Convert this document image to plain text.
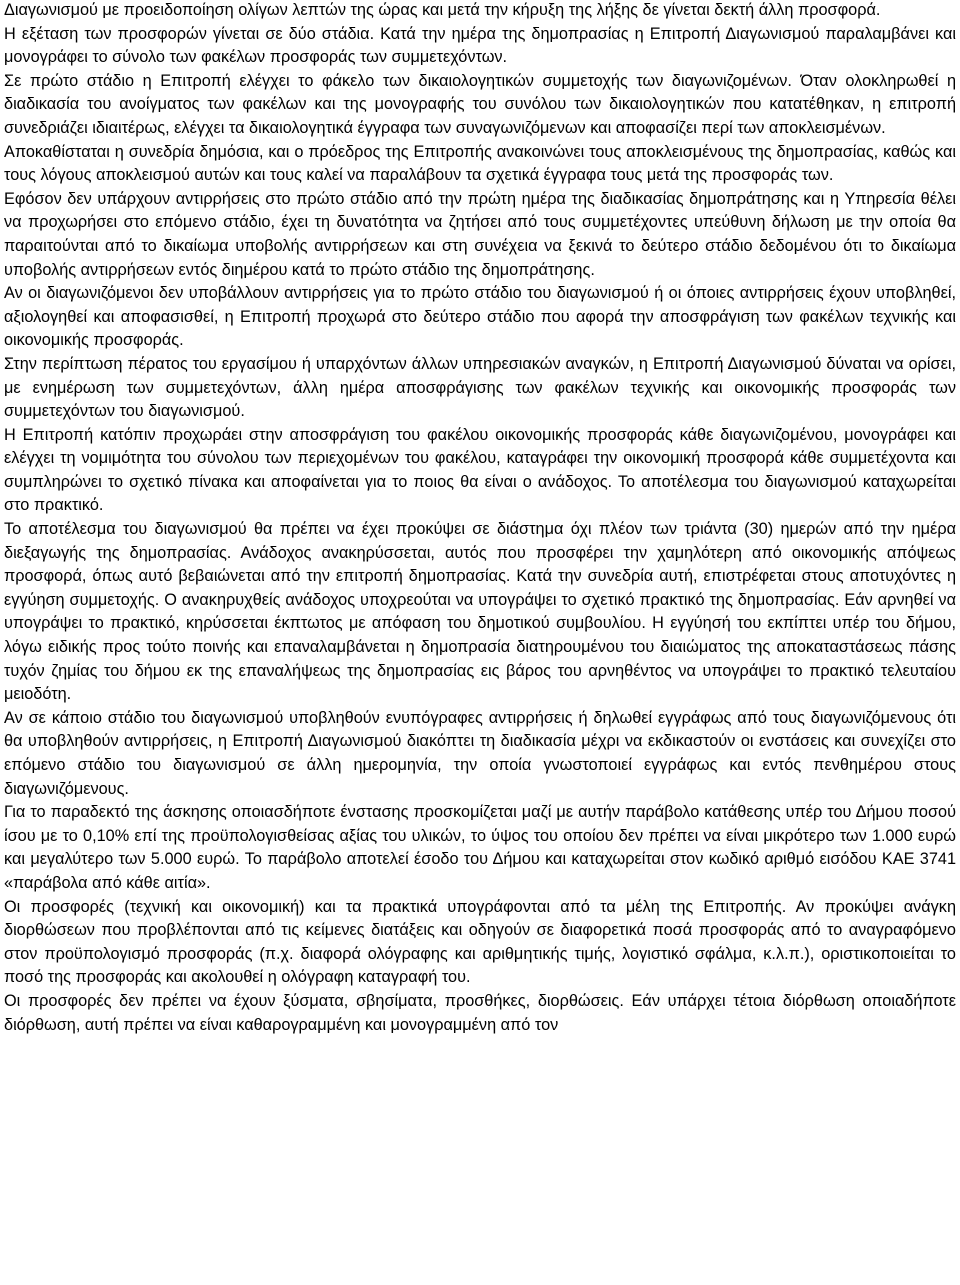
Διαγωνισμού με προειδοποίηση ολίγων λεπτών της ώρας και μετά την κήρυξη της λήξης δε γίνεται δεκτή άλλη προσφορά.

Η εξέταση των προσφορών γίνεται σε δύο στάδια. Κατά την ημέρα της δημοπρασίας η Επιτροπή Διαγωνισμού παραλαμβάνει και μονογράφει το σύνολο των φακέλων προσφοράς των συμμετεχόντων.

Σε πρώτο στάδιο η Επιτροπή ελέγχει το φάκελο των δικαιολογητικών συμμετοχής των διαγωνιζομένων. Όταν ολοκληρωθεί η διαδικασία του ανοίγματος των φακέλων και της μονογραφής του συνόλου των δικαιολογητικών που κατατέθηκαν, η επιτροπή συνεδριάζει ιδιαιτέρως, ελέγχει τα δικαιολογητικά έγγραφα των συναγωνιζόμενων και αποφασίζει περί των αποκλεισμένων.

Αποκαθίσταται η συνεδρία δημόσια, και ο πρόεδρος της Επιτροπής ανακοινώνει τους αποκλεισμένους της δημοπρασίας, καθώς και τους λόγους αποκλεισμού αυτών και τους καλεί να παραλάβουν τα σχετικά έγγραφα τους μετά της προσφοράς των.

Εφόσον δεν υπάρχουν αντιρρήσεις στο πρώτο στάδιο από την πρώτη ημέρα της διαδικασίας δημοπράτησης και η Υπηρεσία θέλει να προχωρήσει στο επόμενο στάδιο, έχει τη δυνατότητα να ζητήσει από τους συμμετέχοντες υπεύθυνη δήλωση με την οποία θα παραιτούνται από το δικαίωμα υποβολής αντιρρήσεων και στη συνέχεια να ξεκινά το δεύτερο στάδιο δεδομένου ότι το δικαίωμα υποβολής αντιρρήσεων εντός διημέρου κατά το πρώτο στάδιο της δημοπράτησης.

Αν οι διαγωνιζόμενοι δεν υποβάλλουν αντιρρήσεις για το πρώτο στάδιο του διαγωνισμού ή οι όποιες αντιρρήσεις έχουν υποβληθεί, αξιολογηθεί και αποφασισθεί, η Επιτροπή προχωρά στο δεύτερο στάδιο που αφορά την αποσφράγιση των φακέλων τεχνικής και οικονομικής προσφοράς.

Στην περίπτωση πέρατος του εργασίμου ή υπαρχόντων άλλων υπηρεσιακών αναγκών, η Επιτροπή Διαγωνισμού δύναται να ορίσει, με ενημέρωση των συμμετεχόντων, άλλη ημέρα αποσφράγισης των φακέλων τεχνικής και οικονομικής προσφοράς των συμμετεχόντων του διαγωνισμού.

Η Επιτροπή κατόπιν προχωράει στην αποσφράγιση του φακέλου οικονομικής προσφοράς κάθε διαγωνιζομένου, μονογράφει και ελέγχει τη νομιμότητα του σύνολου των περιεχομένων του φακέλου, καταγράφει την οικονομική προσφορά κάθε συμμετέχοντα και συμπληρώνει το σχετικό πίνακα και αποφαίνεται για το ποιος θα είναι ο ανάδοχος. Το αποτέλεσμα του διαγωνισμού καταχωρείται στο πρακτικό.

Το αποτέλεσμα του διαγωνισμού θα πρέπει να έχει προκύψει σε διάστημα όχι πλέον των τριάντα (30) ημερών από την ημέρα διεξαγωγής της δημοπρασίας. Ανάδοχος ανακηρύσσεται, αυτός που προσφέρει την χαμηλότερη από οικονομικής απόψεως προσφορά, όπως αυτό βεβαιώνεται από την επιτροπή δημοπρασίας. Κατά την συνεδρία αυτή, επιστρέφεται στους αποτυχόντες η εγγύηση συμμετοχής. Ο ανακηρυχθείς ανάδοχος υποχρεούται να υπογράψει το σχετικό πρακτικό της δημοπρασίας. Εάν αρνηθεί να υπογράψει το πρακτικό, κηρύσσεται έκπτωτος με απόφαση του δημοτικού συμβουλίου. Η εγγύησή του εκπίπτει υπέρ του δήμου, λόγω ειδικής προς τούτο ποινής και επαναλαμβάνεται η δημοπρασία διατηρουμένου του διαιώματος της αποκαταστάσεως πάσης τυχόν ζημίας του δήμου εκ της επαναλήψεως της δημοπρασίας εις βάρος του αρνηθέντος να υπογράψει το πρακτικό τελευταίου μειοδότη.

Αν σε κάποιο στάδιο του διαγωνισμού υποβληθούν ενυπόγραφες αντιρρήσεις ή δηλωθεί εγγράφως από τους διαγωνιζόμενους ότι θα υποβληθούν αντιρρήσεις, η Επιτροπή Διαγωνισμού διακόπτει τη διαδικασία μέχρι να εκδικαστούν οι ενστάσεις και συνεχίζει στο επόμενο στάδιο του διαγωνισμού σε άλλη ημερομηνία, την οποία γνωστοποιεί εγγράφως και εντός πενθημέρου στους διαγωνιζόμενους.

Για το παραδεκτό της άσκησης οποιασδήποτε ένστασης προσκομίζεται μαζί με αυτήν παράβολο κατάθεσης υπέρ του Δήμου ποσού ίσου με το 0,10% επί της προϋπολογισθείσας αξίας του υλικών, το ύψος του οποίου δεν πρέπει να είναι μικρότερο των 1.000 ευρώ και μεγαλύτερο των 5.000 ευρώ. Το παράβολο αποτελεί έσοδο του Δήμου και καταχωρείται στον κωδικό αριθμό εισόδου ΚΑΕ 3741 «παράβολα από κάθε αιτία».

Οι προσφορές (τεχνική και οικονομική) και τα πρακτικά υπογράφονται από τα μέλη της Επιτροπής. Αν προκύψει ανάγκη διορθώσεων που προβλέπονται από τις κείμενες διατάξεις και οδηγούν σε διαφορετικά ποσά προσφοράς από το αναγραφόμενο στον προϋπολογισμό προσφοράς (π.χ. διαφορά ολόγραφης και αριθμητικής τιμής, λογιστικό σφάλμα, κ.λ.π.), οριστικοποιείται το ποσό της προσφοράς και ακολουθεί η ολόγραφη καταγραφή του.

Οι προσφορές δεν πρέπει να έχουν ξύσματα, σβησίματα, προσθήκες, διορθώσεις. Εάν υπάρχει τέτοια διόρθωση οποιαδήποτε διόρθωση, αυτή πρέπει να είναι καθαρογραμμένη και μονογραμμένη από τον
